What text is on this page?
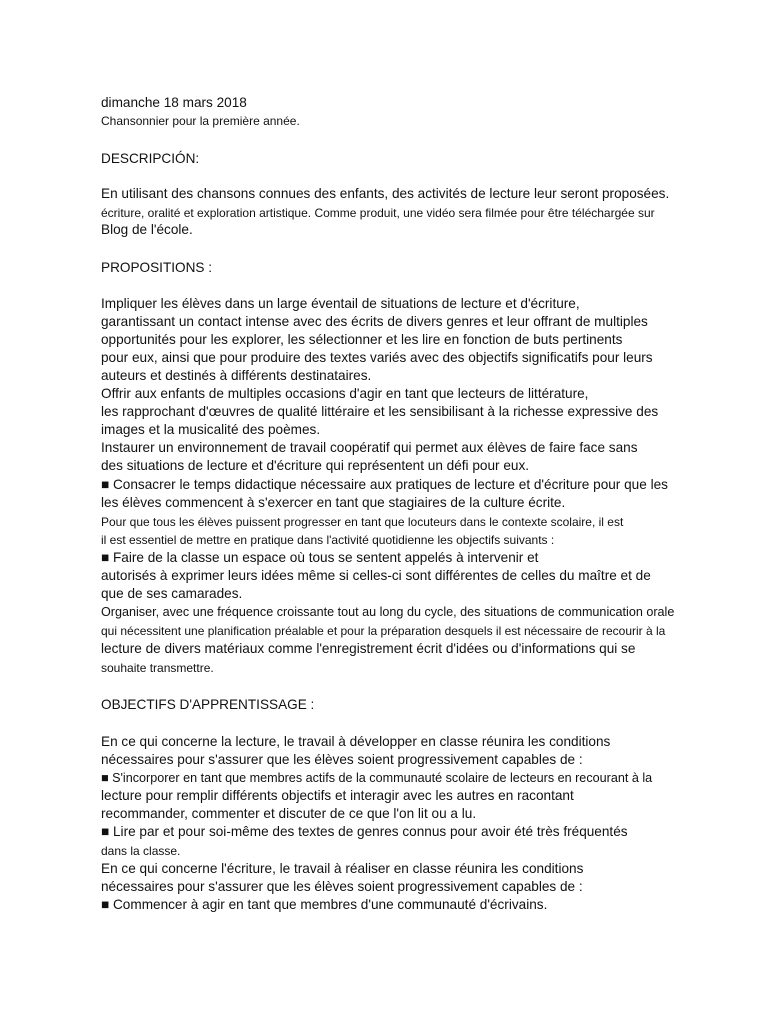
dimanche 18 mars 2018
Chansonnier pour la première année.
DESCRIPCIÓN:
En utilisant des chansons connues des enfants, des activités de lecture leur seront proposées.
écriture, oralité et exploration artistique. Comme produit, une vidéo sera filmée pour être téléchargée sur
Blog de l'école.
PROPOSITIONS :
Impliquer les élèves dans un large éventail de situations de lecture et d'écriture,
garantissant un contact intense avec des écrits de divers genres et leur offrant de multiples
opportunités pour les explorer, les sélectionner et les lire en fonction de buts pertinents
pour eux, ainsi que pour produire des textes variés avec des objectifs significatifs pour leurs
auteurs et destinés à différents destinataires.
Offrir aux enfants de multiples occasions d'agir en tant que lecteurs de littérature,
les rapprochant d'œuvres de qualité littéraire et les sensibilisant à la richesse expressive des
images et la musicalité des poèmes.
Instaurer un environnement de travail coopératif qui permet aux élèves de faire face sans
des situations de lecture et d'écriture qui représentent un défi pour eux.
■ Consacrer le temps didactique nécessaire aux pratiques de lecture et d'écriture pour que les
les élèves commencent à s'exercer en tant que stagiaires de la culture écrite.
Pour que tous les élèves puissent progresser en tant que locuteurs dans le contexte scolaire, il est
il est essentiel de mettre en pratique dans l'activité quotidienne les objectifs suivants :
■ Faire de la classe un espace où tous se sentent appelés à intervenir et
autorisés à exprimer leurs idées même si celles-ci sont différentes de celles du maître et de
que de ses camarades.
Organiser, avec une fréquence croissante tout au long du cycle, des situations de communication orale
qui nécessitent une planification préalable et pour la préparation desquels il est nécessaire de recourir à la
lecture de divers matériaux comme l'enregistrement écrit d'idées ou d'informations qui se
souhaite transmettre.
OBJECTIFS D'APPRENTISSAGE :
En ce qui concerne la lecture, le travail à développer en classe réunira les conditions
nécessaires pour s'assurer que les élèves soient progressivement capables de :
■ S'incorporer en tant que membres actifs de la communauté scolaire de lecteurs en recourant à la
lecture pour remplir différents objectifs et interagir avec les autres en racontant
recommander, commenter et discuter de ce que l'on lit ou a lu.
■ Lire par et pour soi-même des textes de genres connus pour avoir été très fréquentés
dans la classe.
En ce qui concerne l'écriture, le travail à réaliser en classe réunira les conditions
nécessaires pour s'assurer que les élèves soient progressivement capables de :
■ Commencer à agir en tant que membres d'une communauté d'écrivains.
